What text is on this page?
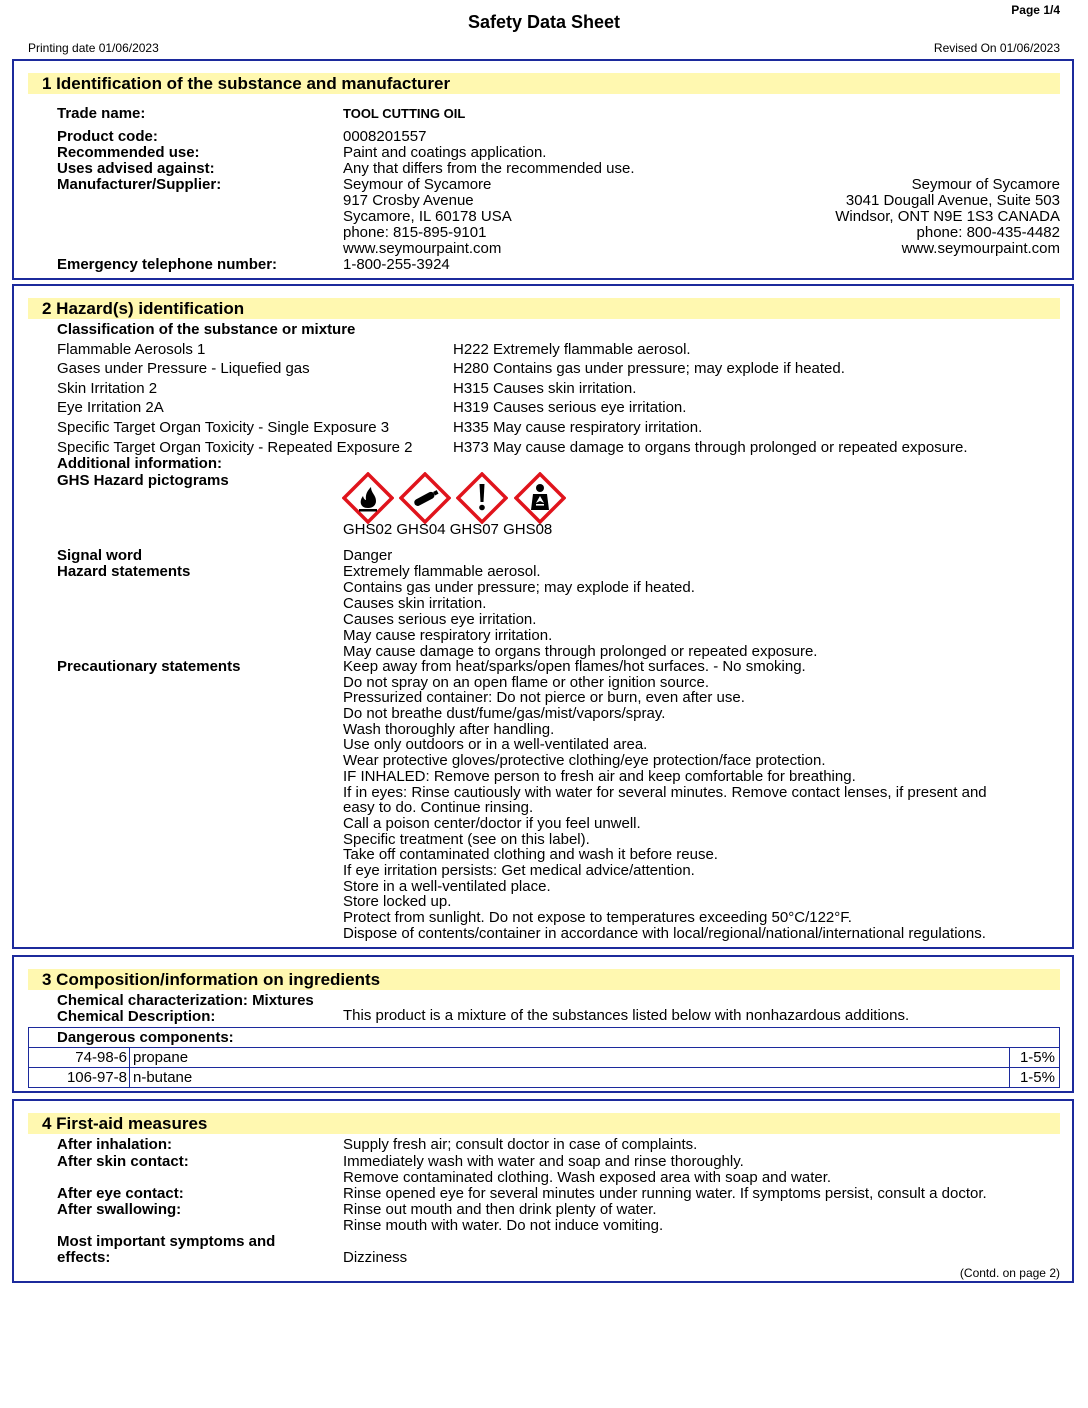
Page 1/4
Safety Data Sheet
Printing date 01/06/2023	Revised On 01/06/2023
1 Identification of the substance and manufacturer
Trade name:	TOOL CUTTING OIL
Product code:	0008201557
Recommended use:	Paint and coatings application.
Uses advised against:	Any that differs from the recommended use.
Manufacturer/Supplier:	Seymour of Sycamore
917 Crosby Avenue
Sycamore, IL 60178 USA
phone: 815-895-9101
www.seymourpaint.com
Seymour of Sycamore
3041 Dougall Avenue, Suite 503
Windsor, ONT N9E 1S3 CANADA
phone: 800-435-4482
www.seymourpaint.com
Emergency telephone number:	1-800-255-3924
2 Hazard(s) identification
Classification of the substance or mixture
Flammable Aerosols 1	H222 Extremely flammable aerosol.
Gases under Pressure - Liquefied gas	H280 Contains gas under pressure; may explode if heated.
Skin Irritation 2	H315 Causes skin irritation.
Eye Irritation 2A	H319 Causes serious eye irritation.
Specific Target Organ Toxicity - Single Exposure 3	H335 May cause respiratory irritation.
Specific Target Organ Toxicity - Repeated Exposure 2	H373 May cause damage to organs through prolonged or repeated exposure.
Additional information:
GHS Hazard pictograms
GHS02 GHS04 GHS07 GHS08
Signal word	Danger
Hazard statements	Extremely flammable aerosol.
Contains gas under pressure; may explode if heated.
Causes skin irritation.
Causes serious eye irritation.
May cause respiratory irritation.
May cause damage to organs through prolonged or repeated exposure.
Precautionary statements	Keep away from heat/sparks/open flames/hot surfaces. - No smoking.
Do not spray on an open flame or other ignition source.
Pressurized container: Do not pierce or burn, even after use.
Do not breathe dust/fume/gas/mist/vapors/spray.
Wash thoroughly after handling.
Use only outdoors or in a well-ventilated area.
Wear protective gloves/protective clothing/eye protection/face protection.
IF INHALED: Remove person to fresh air and keep comfortable for breathing.
If in eyes: Rinse cautiously with water for several minutes. Remove contact lenses, if present and
easy to do. Continue rinsing.
Call a poison center/doctor if you feel unwell.
Specific treatment (see on this label).
Take off contaminated clothing and wash it before reuse.
If eye irritation persists: Get medical advice/attention.
Store in a well-ventilated place.
Store locked up.
Protect from sunlight. Do not expose to temperatures exceeding 50°C/122°F.
Dispose of contents/container in accordance with local/regional/national/international regulations.
3 Composition/information on ingredients
Chemical characterization: Mixtures
Chemical Description:	This product is a mixture of the substances listed below with nonhazardous additions.
Dangerous components:
74-98-6 propane	1-5%
106-97-8 n-butane	1-5%
4 First-aid measures
After inhalation:	Supply fresh air; consult doctor in case of complaints.
After skin contact:	Immediately wash with water and soap and rinse thoroughly.
Remove contaminated clothing. Wash exposed area with soap and water.
After eye contact:	Rinse opened eye for several minutes under running water. If symptoms persist, consult a doctor.
After swallowing:	Rinse out mouth and then drink plenty of water.
Rinse mouth with water. Do not induce vomiting.
Most important symptoms and
effects:	Dizziness
(Contd. on page 2)
